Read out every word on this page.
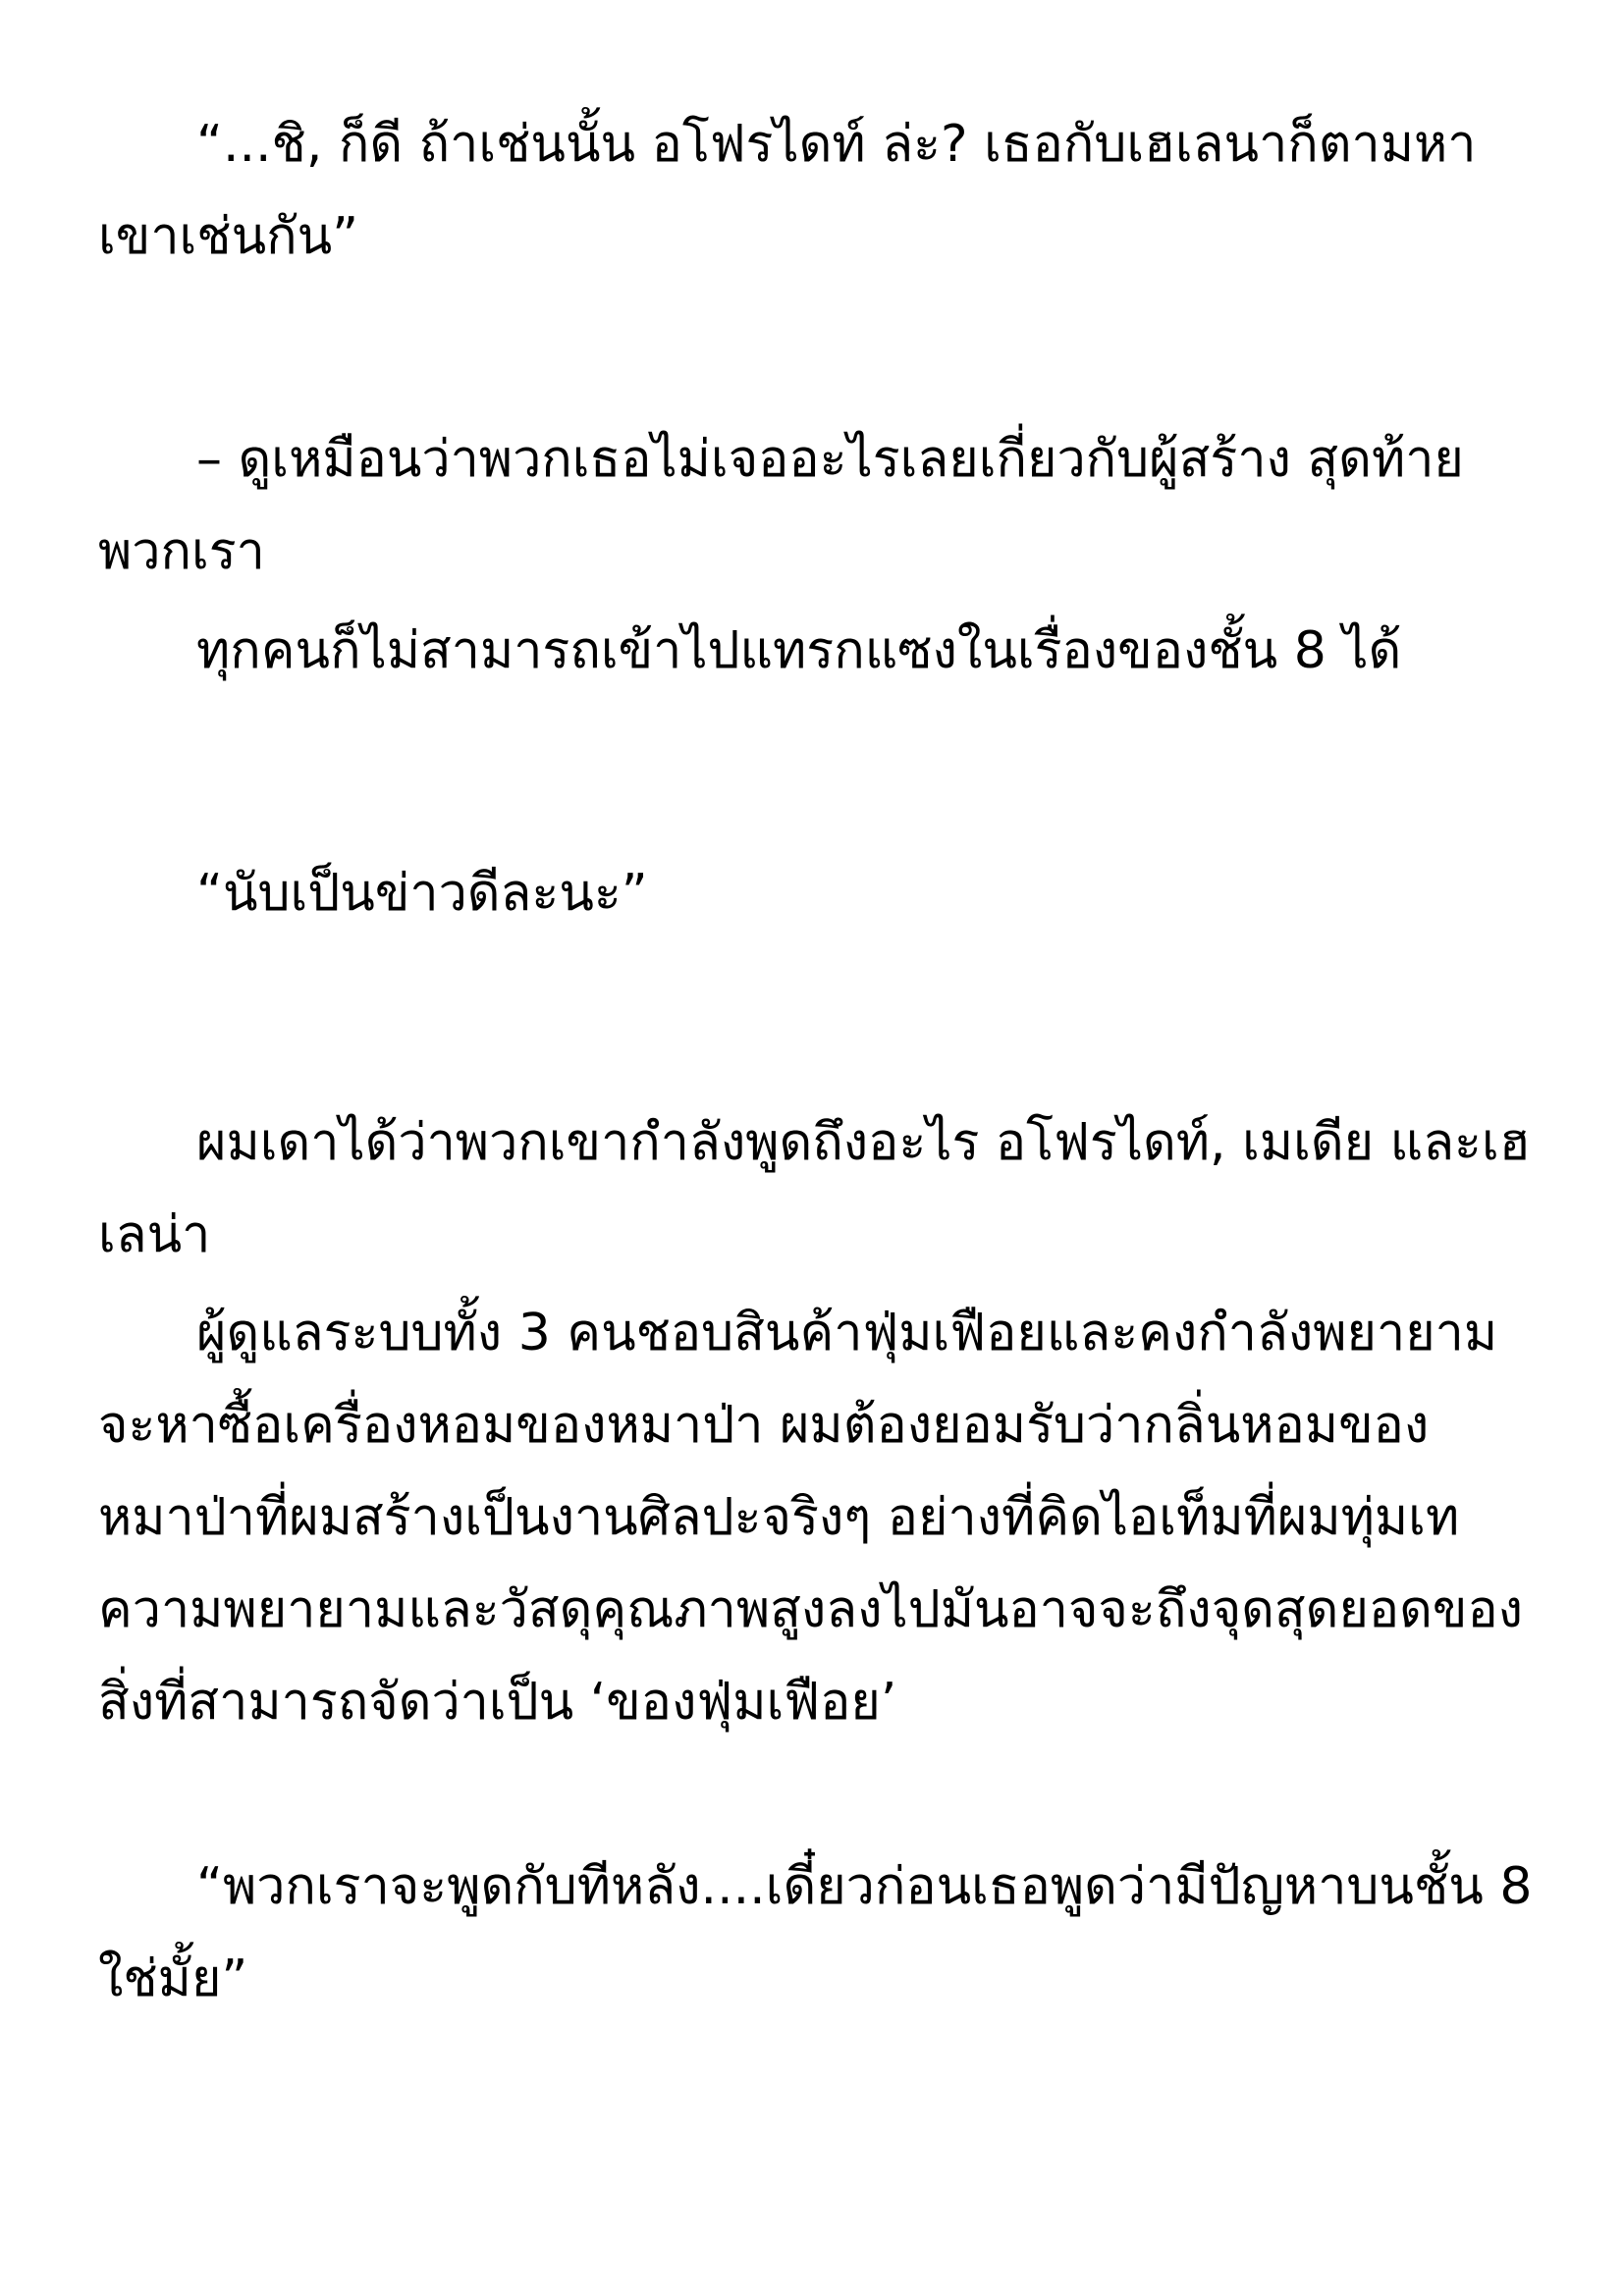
“...ชิ, ก็ดี ถ้าเช่นนั้น อโฟรไดท์ ล่ะ? เธอกับเฮเลนาก็ตามหาเขาเช่นกัน”

– ดูเหมือนว่าพวกเธอไม่เจออะไรเลยเกี่ยวกับผู้สร้าง สุดท้ายพวกเรา

ทุกคนก็ไม่สามารถเข้าไปแทรกแซงในเรื่องของชั้น 8 ได้

“นับเป็นข่าวดีละนะ”

ผมเดาได้ว่าพวกเขากำลังพูดถึงอะไร อโฟรไดท์, เมเดีย และเฮเลน่า

ผู้ดูแลระบบทั้ง 3 คนชอบสินค้าฟุ่มเฟือยและคงกำลังพยายามจะหาซื้อเครื่องหอมของหมาป่า ผมต้องยอมรับว่ากลิ่นหอมของหมาป่าที่ผมสร้างเป็นงานศิลปะจริงๆ อย่างที่คิดไอเท็มที่ผมทุ่มเทความพยายามและวัสดุคุณภาพสูงลงไปมันอาจจะถึงจุดสุดยอดของสิ่งที่สามารถจัดว่าเป็น ‘ของฟุ่มเฟือย’

“พวกเราจะพูดกับทีหลัง....เดี๋ยวก่อนเธอพูดว่ามีปัญหาบนชั้น 8 ใช่มั้ย”
